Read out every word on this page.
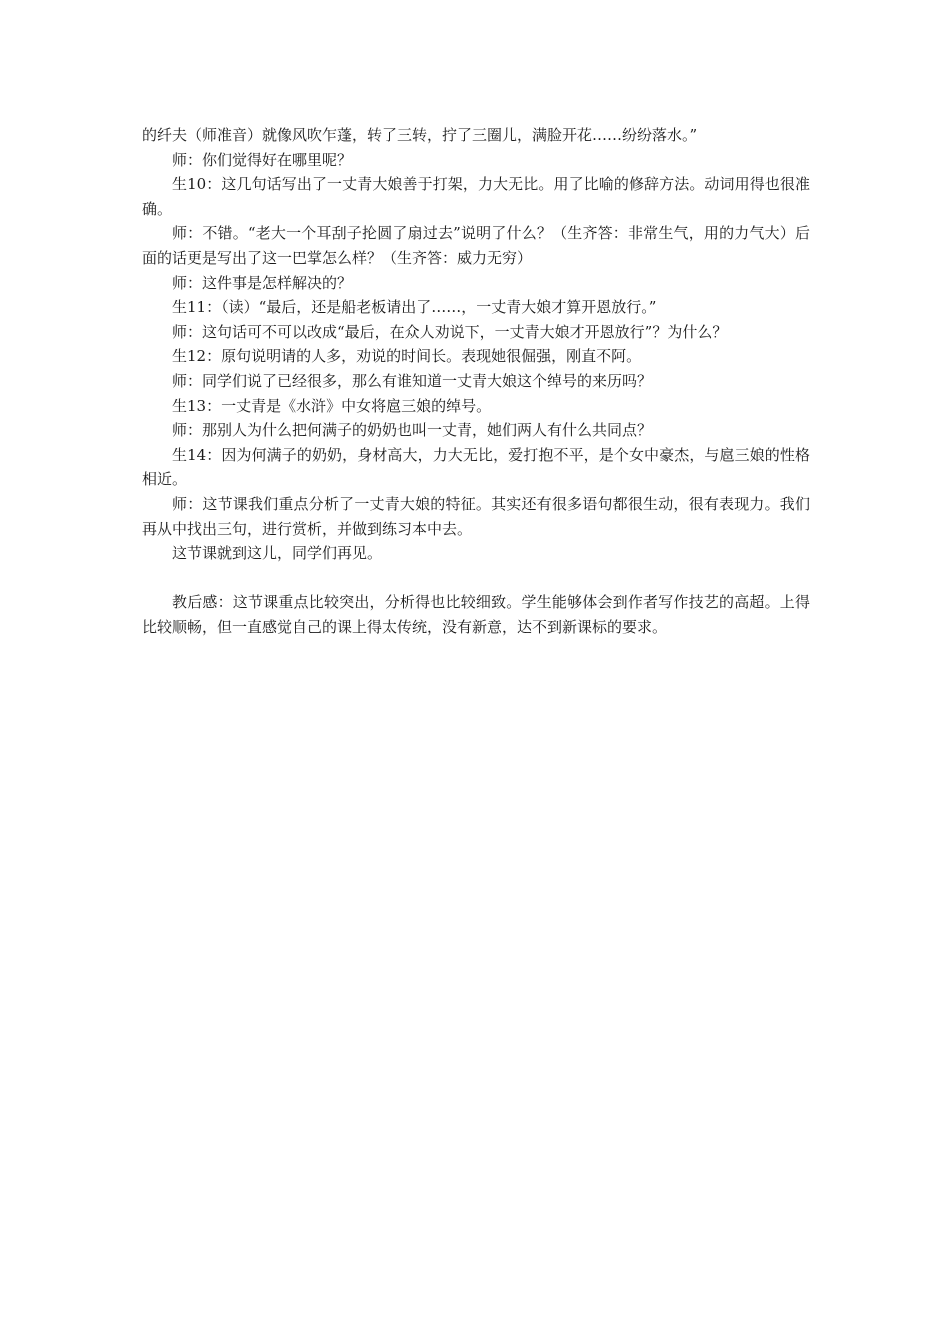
的纤夫（师准音）就像风吹乍蓬，转了三转，拧了三圈儿，满脸开花……纷纷落水。”

师：你们觉得好在哪里呢？

生10：这几句话写出了一丈青大娘善于打架，力大无比。用了比喻的修辞方法。动词用得也很准确。

师：不错。“老大一个耳刮子抡圆了扇过去”说明了什么？（生齐答：非常生气，用的力气大）后面的话更是写出了这一巴掌怎么样？（生齐答：威力无穷）

师：这件事是怎样解决的？

生11：（读）“最后，还是船老板请出了……，一丈青大娘才算开恩放行。”

师：这句话可不可以改成“最后，在众人劝说下，一丈青大娘才开恩放行”？为什么？

生12：原句说明请的人多，劝说的时间长。表现她很倔强，刚直不阿。

师：同学们说了已经很多，那么有谁知道一丈青大娘这个绰号的来历吗？

生13：一丈青是《水浒》中女将扈三娘的绰号。

师：那别人为什么把何满子的奶奶也叫一丈青，她们两人有什么共同点？

生14：因为何满子的奶奶，身材高大，力大无比，爱打抱不平，是个女中豪杰，与扈三娘的性格相近。

师：这节课我们重点分析了一丈青大娘的特征。其实还有很多语句都很生动，很有表现力。我们再从中找出三句，进行赏析，并做到练习本中去。

这节课就到这儿，同学们再见。

教后感：这节课重点比较突出，分析得也比较细致。学生能够体会到作者写作技艺的高超。上得比较顺畅，但一直感觉自己的课上得太传统，没有新意，达不到新课标的要求。
